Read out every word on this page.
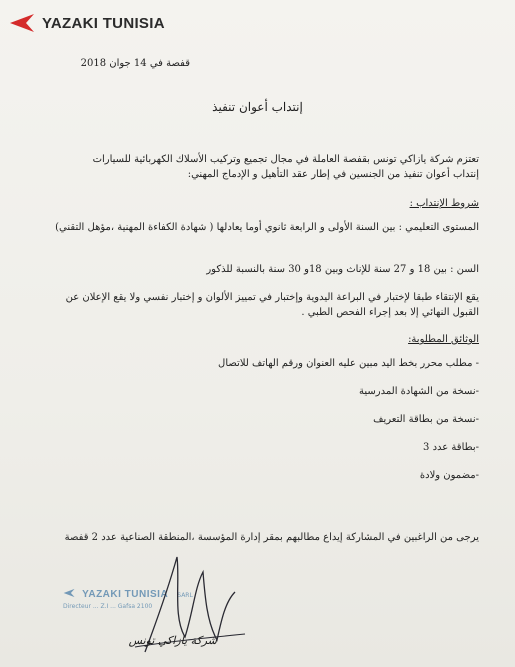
YAZAKI TUNISIA
قفصة في 14 جوان 2018
إنتداب أعوان تنفيذ
تعتزم شركة يازاكي تونس بقفصة العاملة في مجال تجميع وتركيب الأسلاك الكهربائية للسيارات
إنتداب أعوان تنفيذ من الجنسين في إطار عقد التأهيل و الإدماج المهني:
شروط الإنتداب :
المستوى التعليمي : بين السنة الأولى و الرابعة ثانوي أوما يعادلها ( شهادة الكفاءة المهنية ،مؤهل التقني)
السن : بين 18 و 27 سنة للإناث وبين 18و 30 سنة بالنسبة للذكور
يقع الإنتقاء طبقا لإختبار في البراعة اليدوية وإختبار في تمييز الألوان و إختبار نفسي ولا يقع الإعلان عن القبول النهائي إلا بعد إجراء الفحص الطبي .
الوثائق المطلوبة:
- مطلب محرر بخط اليد مبين عليه العنوان ورقم الهاتف للاتصال
-نسخة من الشهادة المدرسية
-نسخة من بطاقة التعريف
-بطاقة عدد 3
-مضمون ولادة
يرجى من الراغبين في المشاركة إيداع مطالبهم بمقر إدارة المؤسسة ،المنطقة الصناعية عدد 2 قفصة
YAZAKI TUNISIA SARL
Directeur ... Z.I ... Gafsa 2100
شركة يازاكي تونس
